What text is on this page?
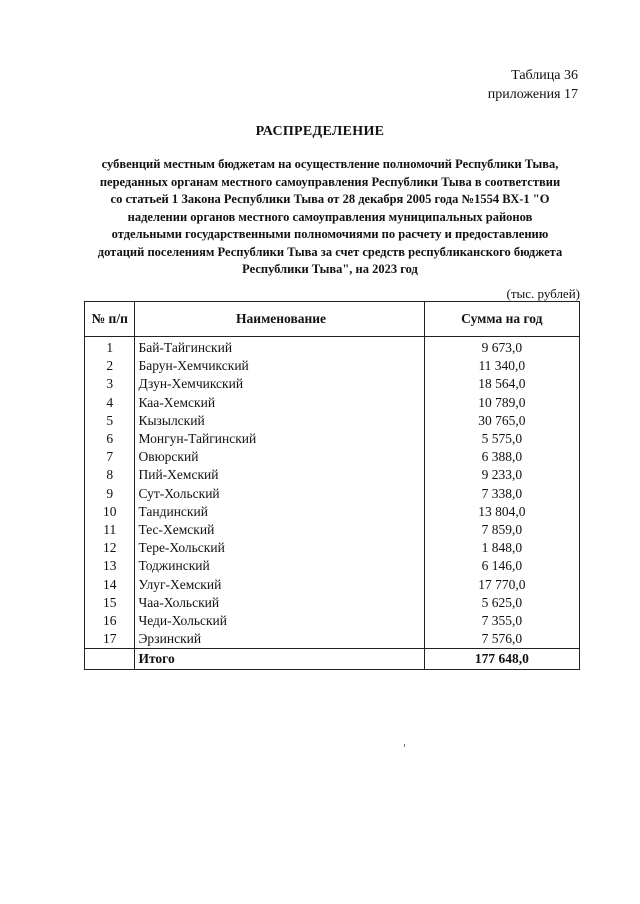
Таблица 36
приложения 17
РАСПРЕДЕЛЕНИЕ
субвенций местным бюджетам на осуществление полномочий Республики Тыва,
переданных органам местного самоуправления Республики Тыва в соответствии
со статьей 1 Закона Республики Тыва от 28 декабря 2005 года №1554 ВХ-1 "О
наделении органов местного самоуправления муниципальных районов
отдельными государственными полномочиями по расчету и предоставлению
дотаций поселениям Республики Тыва за счет средств республиканского бюджета
Республики Тыва", на 2023 год
(тыс. рублей)
№ п/п	Наименование	Сумма на год
1	Бай-Тайгинский	9 673,0
2	Барун-Хемчикский	11 340,0
3	Дзун-Хемчикский	18 564,0
4	Каа-Хемский	10 789,0
5	Кызылский	30 765,0
6	Монгун-Тайгинский	5 575,0
7	Овюрский	6 388,0
8	Пий-Хемский	9 233,0
9	Сут-Хольский	7 338,0
10	Тандинский	13 804,0
11	Тес-Хемский	7 859,0
12	Тере-Хольский	1 848,0
13	Тоджинский	6 146,0
14	Улуг-Хемский	17 770,0
15	Чаа-Хольский	5 625,0
16	Чеди-Хольский	7 355,0
17	Эрзинский	7 576,0
	Итого	177 648,0
